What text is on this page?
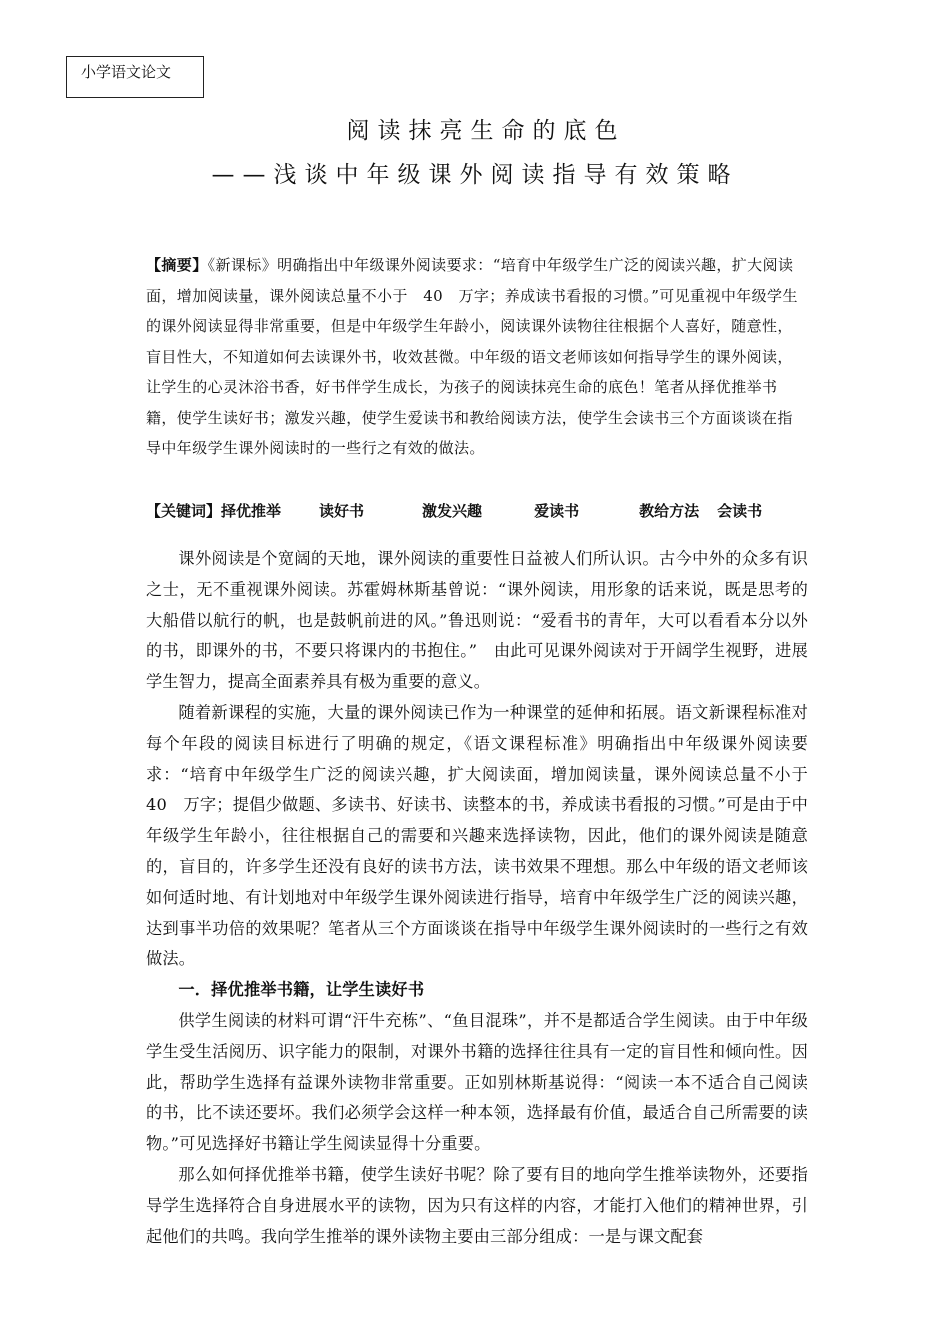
小学语文论文
阅读抹亮生命的底色
——浅谈中年级课外阅读指导有效策略
【摘要】《新课标》明确指出中年级课外阅读要求：“培育中年级学生广泛的阅读兴趣，扩大阅读面，增加阅读量，课外阅读总量不小于　40　万字；养成读书看报的习惯。”可见重视中年级学生的课外阅读显得非常重要，但是中年级学生年龄小，阅读课外读物往往根据个人喜好，随意性，盲目性大，不知道如何去读课外书，收效甚微。中年级的语文老师该如何指导学生的课外阅读，让学生的心灵沐浴书香，好书伴学生成长，为孩子的阅读抹亮生命的底色！笔者从择优推举书籍，使学生读好书；激发兴趣，使学生爱读书和教给阅读方法，使学生会读书三个方面谈谈在指导中年级学生课外阅读时的一些行之有效的做法。
【关键词】 择优推举	读好书	激发兴趣	爱读书	教给方法 会读书

课外阅读是个宽阔的天地，课外阅读的重要性日益被人们所认识。古今中外的众多有识之士，无不重视课外阅读。苏霍姆林斯基曾说：“课外阅读，用形象的话来说，既是思考的大船借以航行的帆，也是鼓帆前进的风。”鲁迅则说：“爱看书的青年，大可以看看本分以外的书，即课外的书，不要只将课内的书抱住。”　由此可见课外阅读对于开阔学生视野，进展学生智力，提高全面素养具有极为重要的意义。

随着新课程的实施，大量的课外阅读已作为一种课堂的延伸和拓展。语文新课程标准对每个年段的阅读目标进行了明确的规定，《语文课程标准》明确指出中年级课外阅读要求：“培育中年级学生广泛的阅读兴趣，扩大阅读面，增加阅读量，课外阅读总量不小于　40　万字；提倡少做题、多读书、好读书、读整本的书，养成读书看报的习惯。”可是由于中年级学生年龄小，往往根据自己的需要和兴趣来选择读物，因此，他们的课外阅读是随意的，盲目的，许多学生还没有良好的读书方法，读书效果不理想。那么中年级的语文老师该如何适时地、有计划地对中年级学生课外阅读进行指导，培育中年级学生广泛的阅读兴趣，达到事半功倍的效果呢？笔者从三个方面谈谈在指导中年级学生课外阅读时的一些行之有效做法。

一．择优推举书籍，让学生读好书

供学生阅读的材料可谓“汗牛充栋”、“鱼目混珠”，并不是都适合学生阅读。由于中年级学生受生活阅历、识字能力的限制，对课外书籍的选择往往具有一定的盲目性和倾向性。因此，帮助学生选择有益课外读物非常重要。正如别林斯基说得：“阅读一本不适合自己阅读的书，比不读还要坏。我们必须学会这样一种本领，选择最有价值，最适合自己所需要的读物。”可见选择好书籍让学生阅读显得十分重要。

那么如何择优推举书籍，使学生读好书呢？除了要有目的地向学生推举读物外，还要指导学生选择符合自身进展水平的读物，因为只有这样的内容，才能打入他们的精神世界，引起他们的共鸣。我向学生推举的课外读物主要由三部分组成：一是与课文配套
